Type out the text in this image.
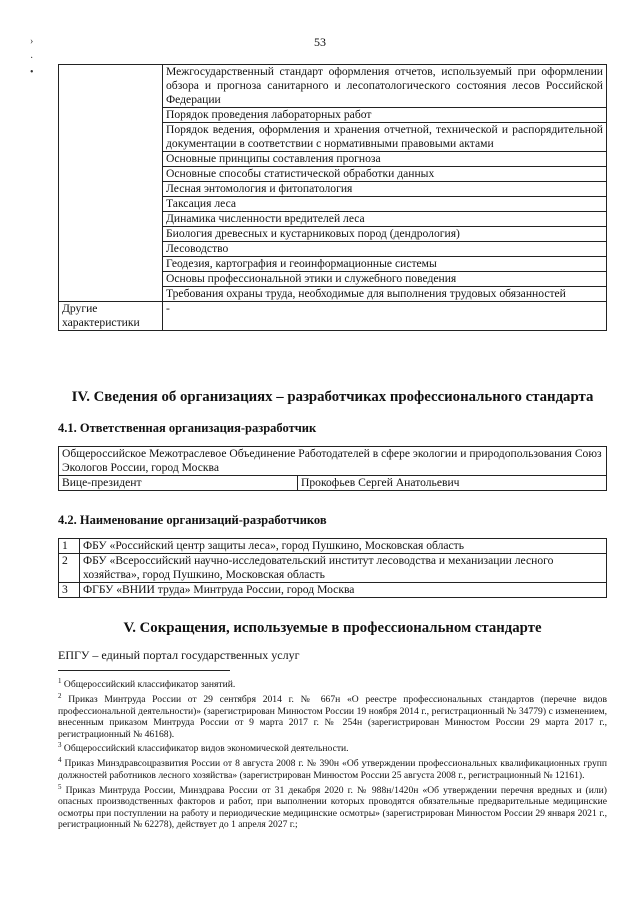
53
›
·
•
		Межгосударственный стандарт оформления отчетов, используемый при оформлении обзора и прогноза санитарного и лесопатологического состояния лесов Российской Федерации
	Порядок проведения лабораторных работ
	Порядок ведения, оформления и хранения отчетной, технической и распорядительной документации в соответствии с нормативными правовыми актами
	Основные принципы составления прогноза
	Основные способы статистической обработки данных
	Лесная энтомология и фитопатология
	Таксация леса
	Динамика численности вредителей леса
	Биология древесных и кустарниковых пород (дендрология)
	Лесоводство
	Геодезия, картография и геоинформационные системы
	Основы профессиональной этики и служебного поведения
	Требования охраны труда, необходимые для выполнения трудовых обязанностей
Другие характеристики	-
IV. Сведения об организациях – разработчиках профессионального стандарта
4.1. Ответственная организация-разработчик
Общероссийское Межотраслевое Объединение Работодателей в сфере экологии и природопользования Союз Экологов России, город Москва
Вице-президент	Прокофьев Сергей Анатольевич
4.2. Наименование организаций-разработчиков
1	ФБУ «Российский центр защиты леса», город Пушкино, Московская область
2	ФБУ «Всероссийский научно-исследовательский институт лесоводства и механизации лесного хозяйства», город Пушкино, Московская область
3	ФГБУ «ВНИИ труда» Минтруда России, город Москва
V. Сокращения, используемые в профессиональном стандарте
ЕПГУ – единый портал государственных услуг

$^1$ Общероссийский классификатор занятий.

$^2$ Приказ Минтруда России от 29 сентября 2014 г. № 667н «О реестре профессиональных стандартов (перечне видов профессиональной деятельности)» (зарегистрирован Минюстом России 19 ноября 2014 г., регистрационный № 34779) с изменением, внесенным приказом Минтруда России от 9 марта 2017 г. № 254н (зарегистрирован Минюстом России 29 марта 2017 г., регистрационный № 46168).

$^3$ Общероссийский классификатор видов экономической деятельности.

$^4$ Приказ Минздравсоцразвития России от 8 августа 2008 г. № 390н «Об утверждении профессиональных квалификационных групп должностей работников лесного хозяйства» (зарегистрирован Минюстом России 25 августа 2008 г., регистрационный № 12161).

$^5$ Приказ Минтруда России, Минздрава России от 31 декабря 2020 г. № 988н/1420н «Об утверждении перечня вредных и (или) опасных производственных факторов и работ, при выполнении которых проводятся обязательные предварительные медицинские осмотры при поступлении на работу и периодические медицинские осмотры» (зарегистрирован Минюстом России 29 января 2021 г., регистрационный № 62278), действует до 1 апреля 2027 г.;
